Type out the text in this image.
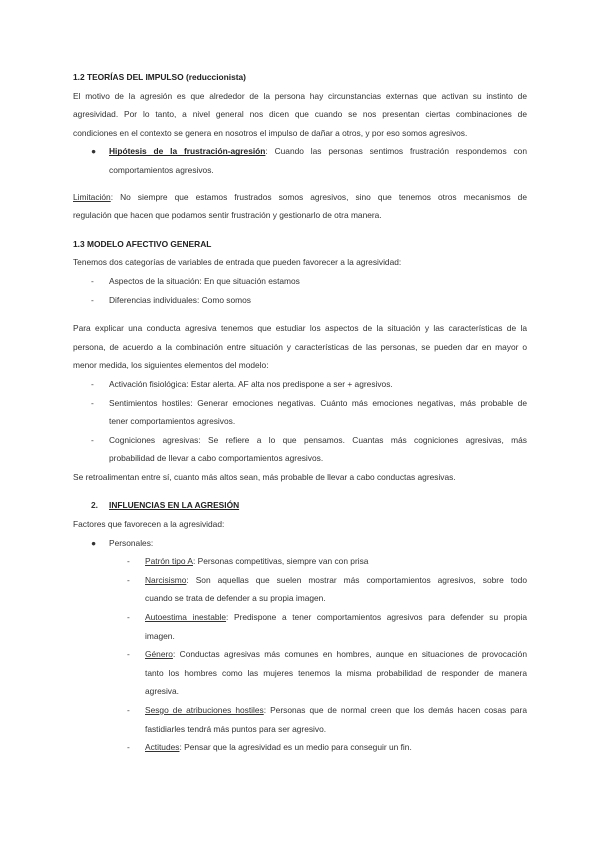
1.2 TEORÍAS DEL IMPULSO (reduccionista)
El motivo de la agresión es que alrededor de la persona hay circunstancias externas que activan su instinto de
agresividad. Por lo tanto, a nivel general nos dicen que cuando se nos presentan ciertas combinaciones de
condiciones en el contexto se genera en nosotros el impulso de dañar a otros, y por eso somos agresivos.
●	Hipótesis de la frustración-agresión: Cuando las personas sentimos frustración respondemos con
comportamientos agresivos.
Limitación: No siempre que estamos frustrados somos agresivos, sino que tenemos otros mecanismos de
regulación que hacen que podamos sentir frustración y gestionarlo de otra manera.
1.3 MODELO AFECTIVO GENERAL
Tenemos dos categorías de variables de entrada que pueden favorecer a la agresividad:
-	Aspectos de la situación: En que situación estamos
-	Diferencias individuales: Como somos
Para explicar una conducta agresiva tenemos que estudiar los aspectos de la situación y las características de la
persona, de acuerdo a la combinación entre situación y características de las personas, se pueden dar en mayor o
menor medida, los siguientes elementos del modelo:
-	Activación fisiológica: Estar alerta. AF alta nos predispone a ser + agresivos.
-	Sentimientos hostiles: Generar emociones negativas. Cuánto más emociones negativas, más probable de
tener comportamientos agresivos.
-	Cogniciones agresivas: Se refiere a lo que pensamos. Cuantas más cogniciones agresivas, más
probabilidad de llevar a cabo comportamientos agresivos.
Se retroalimentan entre sí, cuanto más altos sean, más probable de llevar a cabo conductas agresivas.
2.	INFLUENCIAS EN LA AGRESIÓN
Factores que favorecen a la agresividad:
●	Personales:
-	Patrón tipo A: Personas competitivas, siempre van con prisa
-	Narcisismo: Son aquellas que suelen mostrar más comportamientos agresivos, sobre todo
cuando se trata de defender a su propia imagen.
-	Autoestima inestable: Predispone a tener comportamientos agresivos para defender su propia
imagen.
-	Género: Conductas agresivas más comunes en hombres, aunque en situaciones de provocación
tanto los hombres como las mujeres tenemos la misma probabilidad de responder de manera
agresiva.
-	Sesgo de atribuciones hostiles: Personas que de normal creen que los demás hacen cosas para
fastidiarles tendrá más puntos para ser agresivo.
-	Actitudes: Pensar que la agresividad es un medio para conseguir un fin.
